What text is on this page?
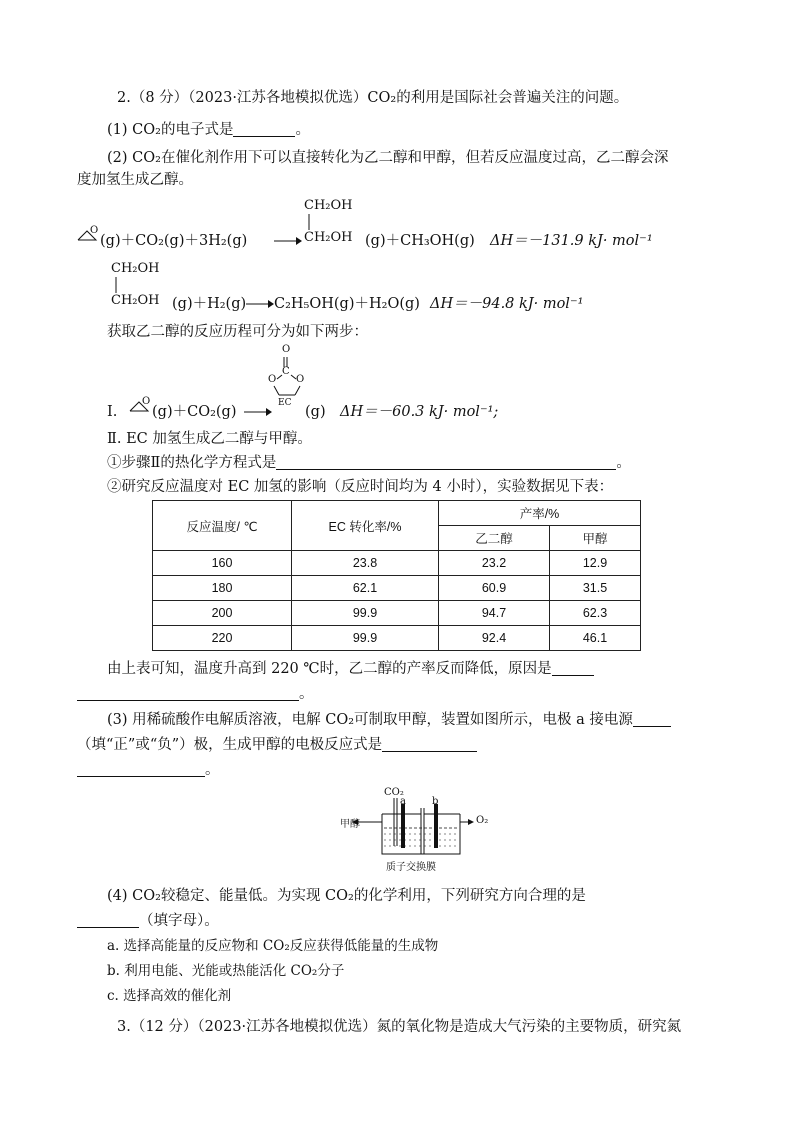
2.（8 分）（2023·江苏各地模拟优选）CO₂的利用是国际社会普遍关注的问题。
(1) CO₂的电子式是	。
(2) CO₂在催化剂作用下可以直接转化为乙二醇和甲醇，但若反应温度过高，乙二醇会深
度加氢生成乙醇。
O
(g)＋CO₂(g)＋3H₂(g)
CH₂OH
CH₂OH (g)＋CH₃OH(g) ΔH＝－131.9 kJ· mol⁻¹
CH₂OH
CH₂OH (g)＋H₂(g) → C₂H₅OH(g)＋H₂O(g) ΔH＝－94.8 kJ· mol⁻¹
获取乙二醇的反应历程可分为如下两步：
Ⅰ.
O
(g)＋CO₂(g) →
O
C
O O
EC
(g) ΔH＝－60.3 kJ· mol⁻¹;
Ⅱ. EC 加氢生成乙二醇与甲醇。
①步骤Ⅱ的热化学方程式是	。
②研究反应温度对 EC 加氢的影响（反应时间均为 4 小时），实验数据见下表：
反应温度/ ℃	EC 转化率/%	产率/%	
		乙二醇	甲醇
160	23.8	23.2	12.9
180	62.1	60.9	31.5
200	99.9	94.7	62.3
220	99.9	92.4	46.1
由上表可知，温度升高到 220 ℃时，乙二醇的产率反而降低，原因是
。
(3) 用稀硫酸作电解质溶液，电解 CO₂可制取甲醇，装置如图所示，电极 a 接电源
（填“正”或“负”）极，生成甲醇的电极反应式是
。
CO₂
a	b
甲醇	O₂
质子交换膜
(4) CO₂较稳定、能量低。为实现 CO₂的化学利用，下列研究方向合理的是
（填字母）。
a. 选择高能量的反应物和 CO₂反应获得低能量的生成物
b. 利用电能、光能或热能活化 CO₂分子
c. 选择高效的催化剂
3.（12 分）（2023·江苏各地模拟优选）氮的氧化物是造成大气污染的主要物质，研究氮
